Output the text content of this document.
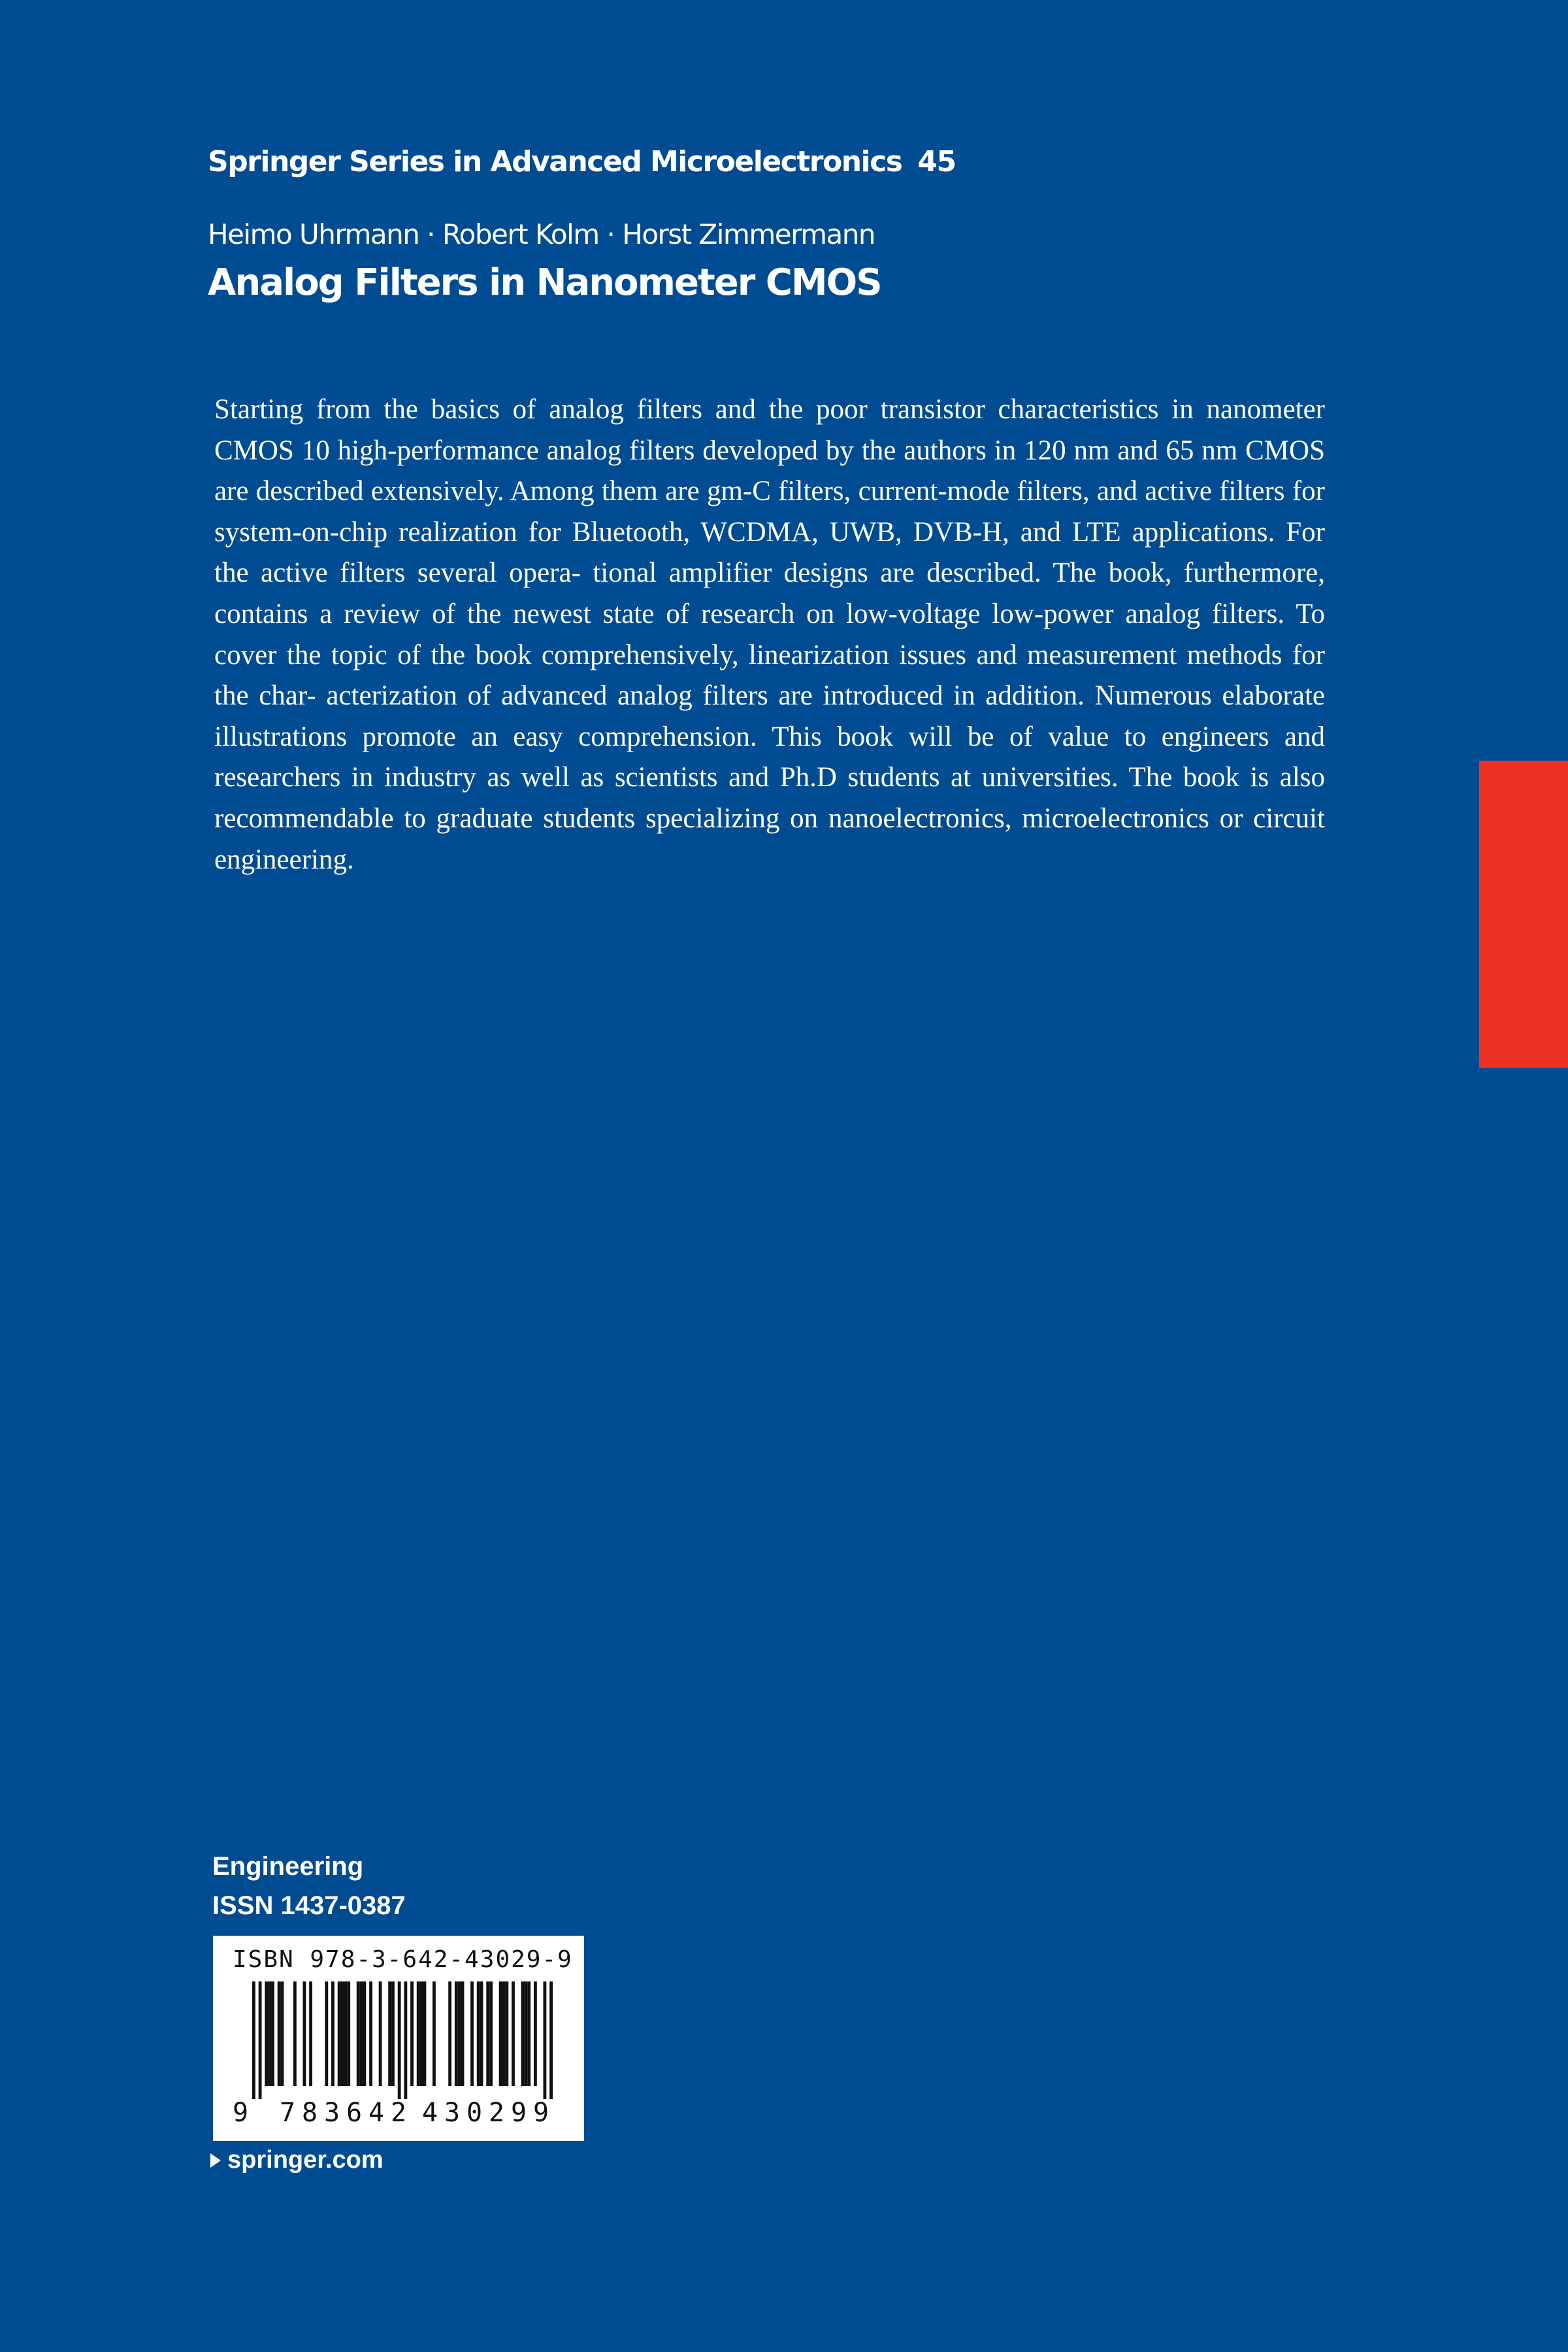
Springer Series in Advanced Microelectronics 45
Heimo Uhrmann · Robert Kolm · Horst Zimmermann
Analog Filters in Nanometer CMOS
Starting from the basics of analog filters and the poor transistor characteristics in nanometer CMOS 10 high-performance analog filters developed by the authors in 120 nm and 65 nm CMOS are described extensively. Among them are gm-C filters, current-mode filters, and active filters for system-on-chip realization for Bluetooth, WCDMA, UWB, DVB-H, and LTE applications. For the active filters several opera- tional amplifier designs are described. The book, furthermore, contains a review of the newest state of research on low-voltage low-power analog filters. To cover the topic of the book comprehensively, linearization issues and measurement methods for the char- acterization of advanced analog filters are introduced in addition. Numerous elaborate illustrations promote an easy comprehension. This book will be of value to engineers and researchers in industry as well as scientists and Ph.D students at universities. The book is also recommendable to graduate students specializing on nanoelectronics, microelectronics or circuit engineering.
Engineering
ISSN 1437-0387
ISBN 978-3-642-43029-9
9 7 8 3 6 4 2 4 3 0 2 9 9
springer.com
